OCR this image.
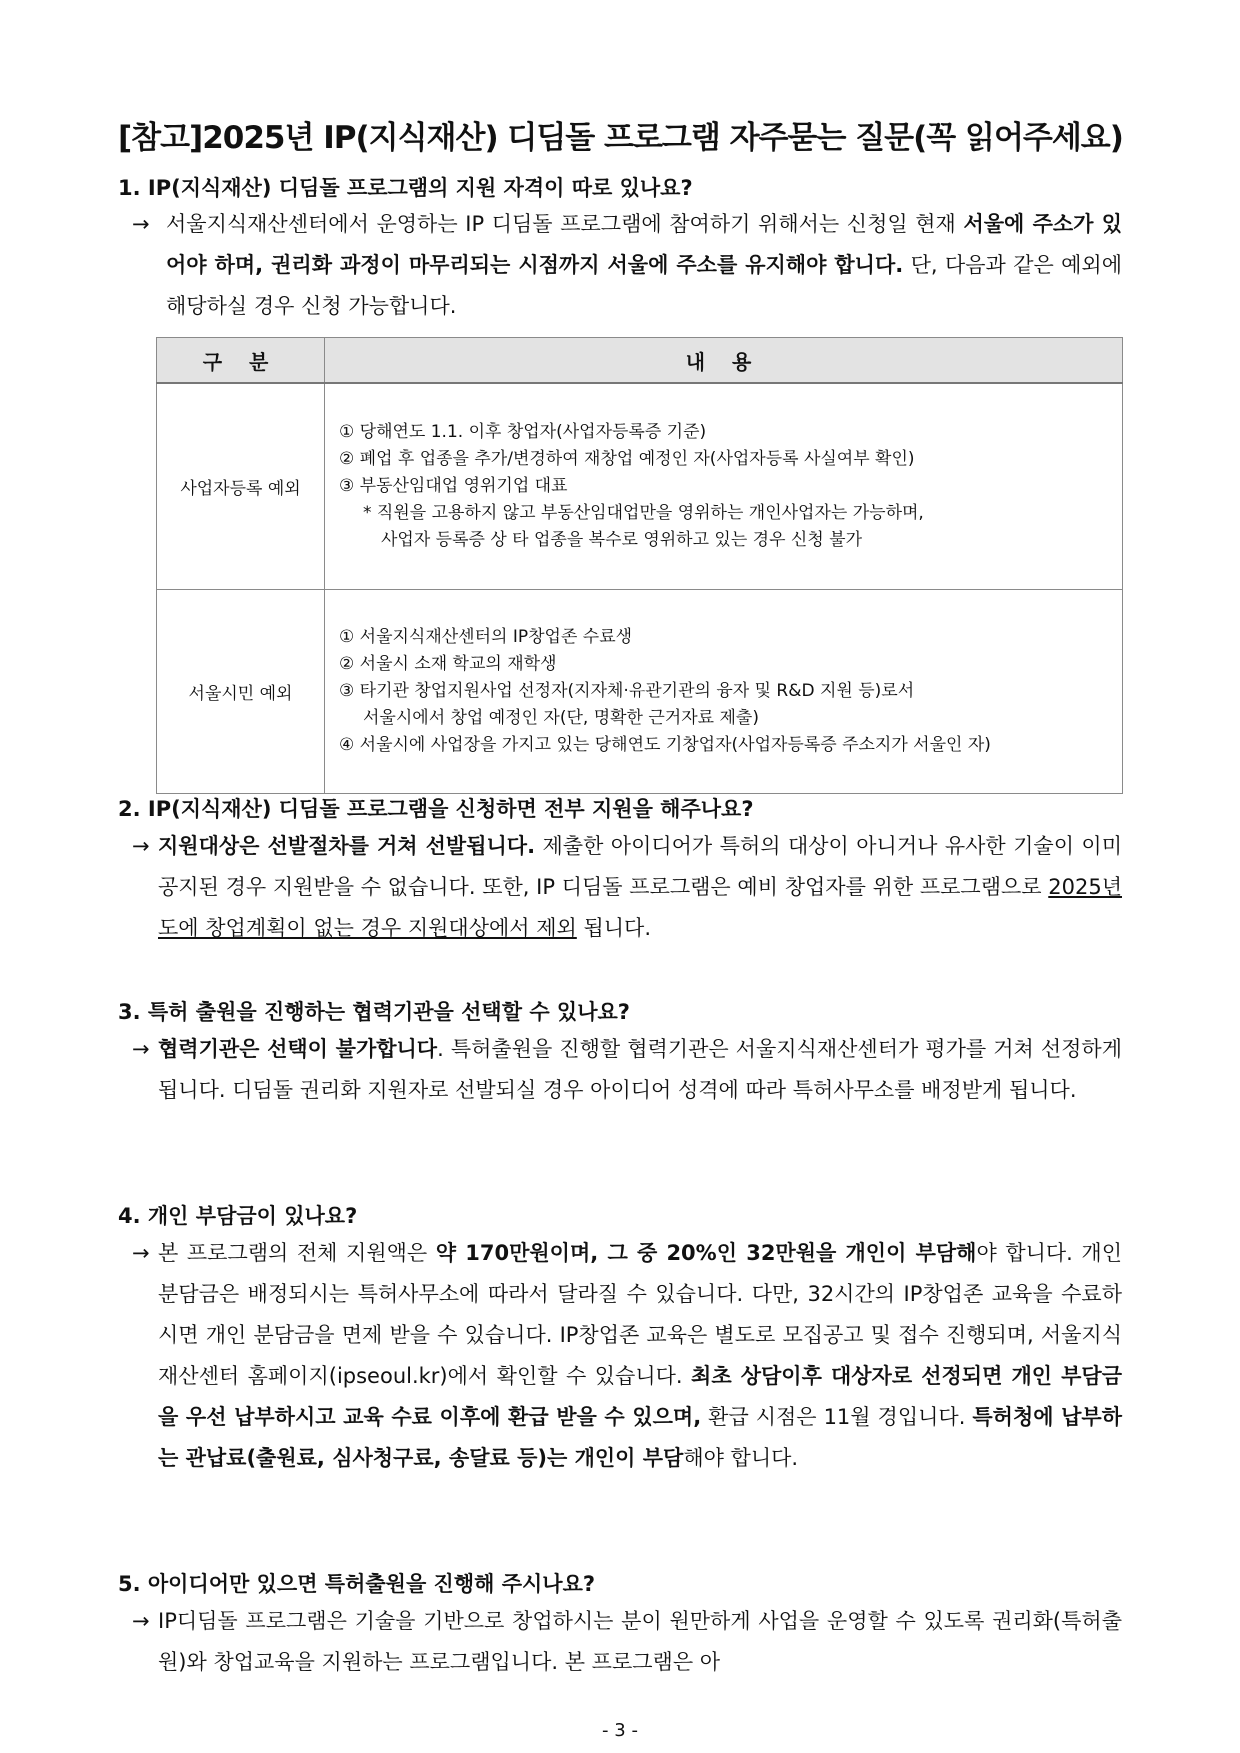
[참고]2025년 IP(지식재산) 디딤돌 프로그램 자주묻는 질문(꼭 읽어주세요)
1. IP(지식재산) 디딤돌 프로그램의 지원 자격이 따로 있나요?
→ 서울지식재산센터에서 운영하는 IP 디딤돌 프로그램에 참여하기 위해서는 신청일 현재 서울에 주소가 있어야 하며, 권리화 과정이 마무리되는 시점까지 서울에 주소를 유지해야 합니다. 단, 다음과 같은 예외에 해당하실 경우 신청 가능합니다.
구 분	내 용
사업자등록 예외	① 당해연도 1.1. 이후 창업자(사업자등록증 기준)
② 폐업 후 업종을 추가/변경하여 재창업 예정인 자(사업자등록 사실여부 확인)
③ 부동산임대업 영위기업 대표
* 직원을 고용하지 않고 부동산임대업만을 영위하는 개인사업자는 가능하며,
사업자 등록증 상 타 업종을 복수로 영위하고 있는 경우 신청 불가

서울시민 예외	① 서울지식재산센터의 IP창업존 수료생
② 서울시 소재 학교의 재학생
③ 타기관 창업지원사업 선정자(지자체·유관기관의 융자 및 R&D 지원 등)로서
서울시에서 창업 예정인 자(단, 명확한 근거자료 제출)
④ 서울시에 사업장을 가지고 있는 당해연도 기창업자(사업자등록증 주소지가 서울인 자)
2. IP(지식재산) 디딤돌 프로그램을 신청하면 전부 지원을 해주나요?
→ 지원대상은 선발절차를 거쳐 선발됩니다. 제출한 아이디어가 특허의 대상이 아니거나 유사한 기술이 이미 공지된 경우 지원받을 수 없습니다. 또한, IP 디딤돌 프로그램은 예비 창업자를 위한 프로그램으로 2025년도에 창업계획이 없는 경우 지원대상에서 제외 됩니다.
3. 특허 출원을 진행하는 협력기관을 선택할 수 있나요?
→ 협력기관은 선택이 불가합니다. 특허출원을 진행할 협력기관은 서울지식재산센터가 평가를 거쳐 선정하게 됩니다. 디딤돌 권리화 지원자로 선발되실 경우 아이디어 성격에 따라 특허사무소를 배정받게 됩니다.
4. 개인 부담금이 있나요?
→ 본 프로그램의 전체 지원액은 약 170만원이며, 그 중 20%인 32만원을 개인이 부담해야 합니다. 개인 분담금은 배정되시는 특허사무소에 따라서 달라질 수 있습니다. 다만, 32시간의 IP창업존 교육을 수료하시면 개인 분담금을 면제 받을 수 있습니다. IP창업존 교육은 별도로 모집공고 및 접수 진행되며, 서울지식재산센터 홈페이지(ipseoul.kr)에서 확인할 수 있습니다. 최초 상담이후 대상자로 선정되면 개인 부담금을 우선 납부하시고 교육 수료 이후에 환급 받을 수 있으며, 환급 시점은 11월 경입니다. 특허청에 납부하는 관납료(출원료, 심사청구료, 송달료 등)는 개인이 부담해야 합니다.
5. 아이디어만 있으면 특허출원을 진행해 주시나요?
→ IP디딤돌 프로그램은 기술을 기반으로 창업하시는 분이 원만하게 사업을 운영할 수 있도록 권리화(특허출원)와 창업교육을 지원하는 프로그램입니다. 본 프로그램은 아
- 3 -
